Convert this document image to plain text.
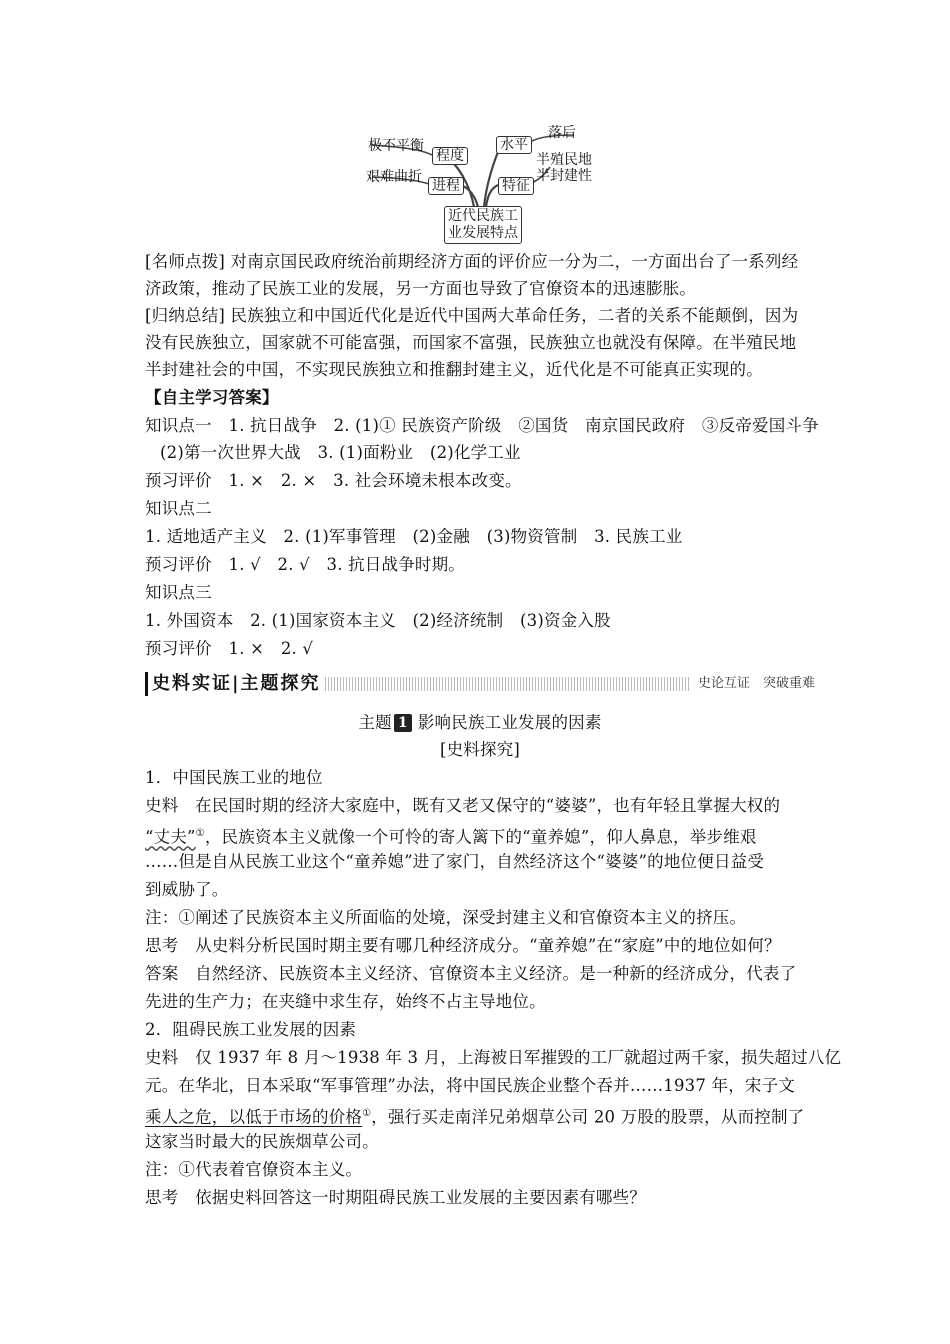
极不平衡
程度
艰难曲折
进程
落后
水平
半殖民地
半封建性
特征
近代民族工
业发展特点
[名师点拨] 对南京国民政府统治前期经济方面的评价应一分为二，一方面出台了一系列经
济政策，推动了民族工业的发展，另一方面也导致了官僚资本的迅速膨胀。
[归纳总结] 民族独立和中国近代化是近代中国两大革命任务，二者的关系不能颠倒，因为
没有民族独立，国家就不可能富强，而国家不富强，民族独立也就没有保障。在半殖民地
半封建社会的中国，不实现民族独立和推翻封建主义，近代化是不可能真正实现的。
【自主学习答案】
知识点一　1. 抗日战争　2. (1)① 民族资产阶级　②国货　南京国民政府　③反帝爱国斗争
(2)第一次世界大战　3. (1)面粉业　(2)化学工业
预习评价　1. ×　2. ×　3. 社会环境未根本改变。
知识点二
1. 适地适产主义　2. (1)军事管理　(2)金融　(3)物资管制　3. 民族工业
预习评价　1. √　2. √　3. 抗日战争时期。
知识点三
1. 外国资本　2. (1)国家资本主义　(2)经济统制　(3)资金入股
预习评价　1. ×　2. √
史料实证|主题探究	史论互证　突破重难
主题 1 影响民族工业发展的因素
[史料探究]
1．中国民族工业的地位
史料　在民国时期的经济大家庭中，既有又老又保守的“婆婆”，也有年轻且掌握大权的
“丈夫”①，民族资本主义就像一个可怜的寄人篱下的“童养媳”，仰人鼻息，举步维艰
……但是自从民族工业这个“童养媳”进了家门，自然经济这个“婆婆”的地位便日益受
到威胁了。
注：①阐述了民族资本主义所面临的处境，深受封建主义和官僚资本主义的挤压。
思考　从史料分析民国时期主要有哪几种经济成分。“童养媳”在“家庭”中的地位如何？
答案　自然经济、民族资本主义经济、官僚资本主义经济。是一种新的经济成分，代表了
先进的生产力；在夹缝中求生存，始终不占主导地位。
2．阻碍民族工业发展的因素
史料　仅 1937 年 8 月～1938 年 3 月，上海被日军摧毁的工厂就超过两千家，损失超过八亿
元。在华北，日本采取“军事管理”办法，将中国民族企业整个吞并……1937 年，宋子文
乘人之危，以低于市场的价格①，强行买走南洋兄弟烟草公司 20 万股的股票，从而控制了
这家当时最大的民族烟草公司。
注：①代表着官僚资本主义。
思考　依据史料回答这一时期阻碍民族工业发展的主要因素有哪些？
